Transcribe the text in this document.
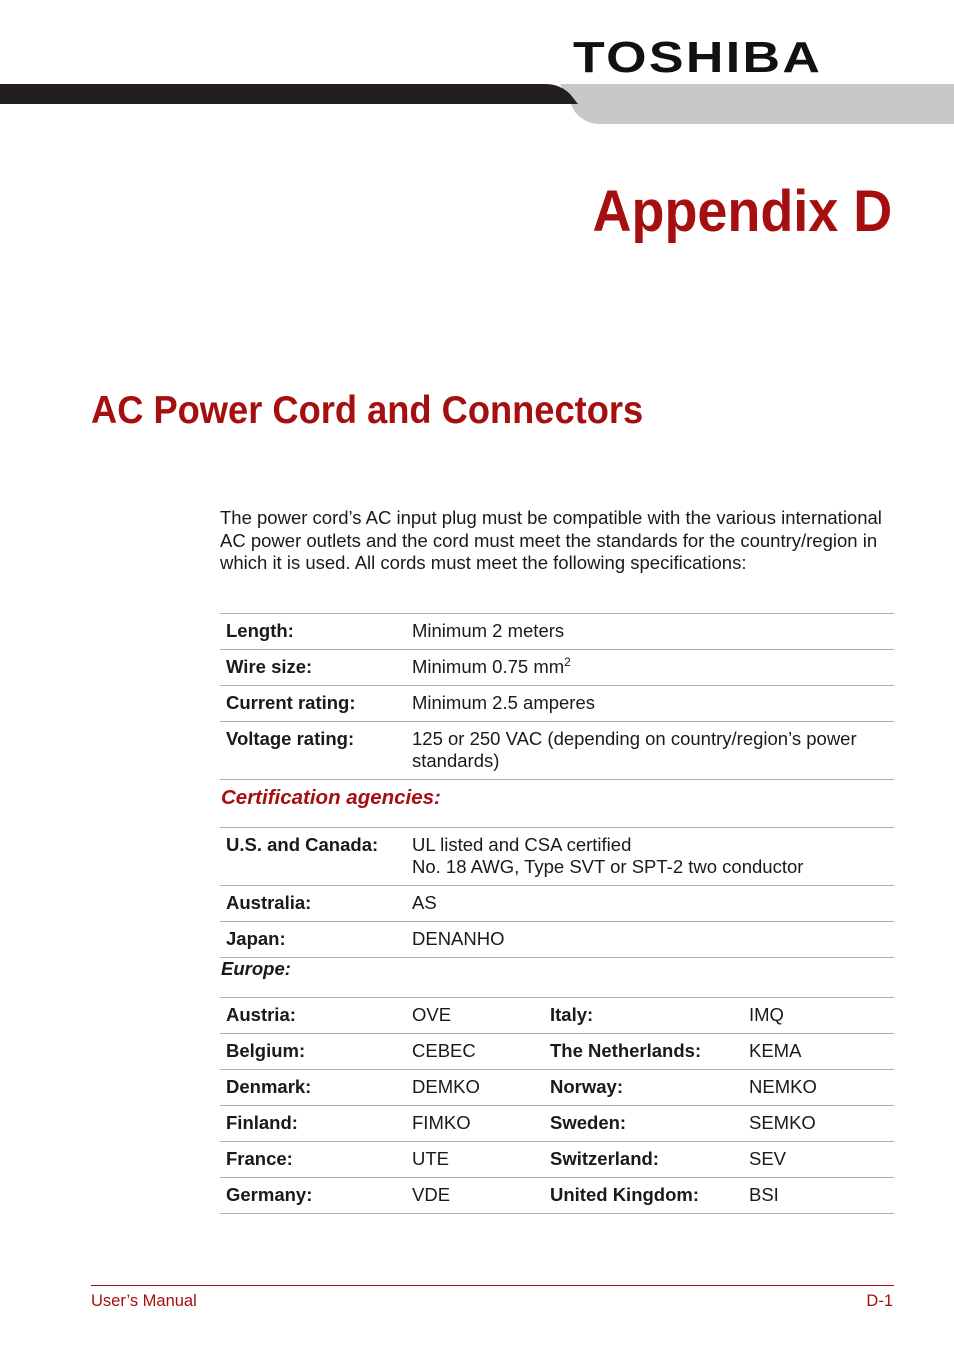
TOSHIBA
Appendix D
AC Power Cord and Connectors

The power cord’s AC input plug must be compatible with the various international AC power outlets and the cord must meet the standards for the country/region in which it is used. All cords must meet the following specifications:

Length:	Minimum 2 meters
Wire size:	Minimum 0.75 $mm^2$
Current rating:	Minimum 2.5 amperes
Voltage rating:	125 or 250 VAC (depending on country/region’s power standards)
Certification agencies:
U.S. and Canada:	UL listed and CSA certified
No. 18 AWG, Type SVT or SPT-2 two conductor

Australia:	AS
Japan:	DENANHO
Europe:
Austria:	OVE	Italy:	IMQ
Belgium:	CEBEC	The Netherlands:	KEMA
Denmark:	DEMKO	Norway:	NEMKO
Finland:	FIMKO	Sweden:	SEMKO
France:	UTE	Switzerland:	SEV
Germany:	VDE	United Kingdom:	BSI
User’s Manual	D-1
